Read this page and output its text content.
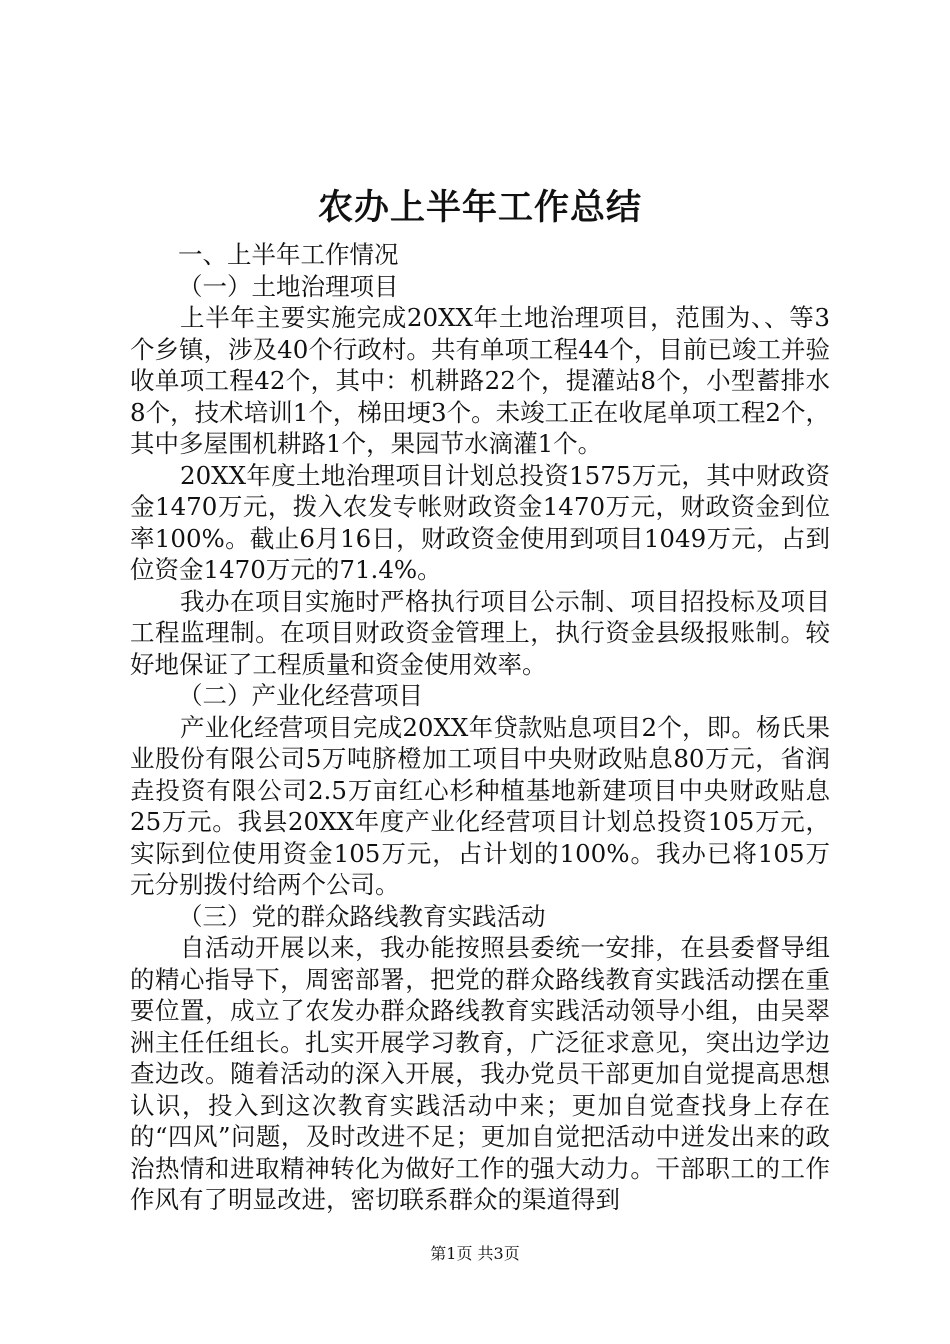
农办上半年工作总结

一、上半年工作情况

（一）土地治理项目

上半年主要实施完成20XX年土地治理项目，范围为、、等3个乡镇，涉及40个行政村。共有单项工程44个，目前已竣工并验收单项工程42个，其中：机耕路22个，提灌站8个，小型蓄排水8个，技术培训1个，梯田埂3个。未竣工正在收尾单项工程2个，其中多屋围机耕路1个，果园节水滴灌1个。

20XX年度土地治理项目计划总投资1575万元，其中财政资金1470万元，拨入农发专帐财政资金1470万元，财政资金到位率100%。截止6月16日，财政资金使用到项目1049万元，占到位资金1470万元的71.4%。

我办在项目实施时严格执行项目公示制、项目招投标及项目工程监理制。在项目财政资金管理上，执行资金县级报账制。较好地保证了工程质量和资金使用效率。

（二）产业化经营项目

产业化经营项目完成20XX年贷款贴息项目2个，即。杨氏果业股份有限公司5万吨脐橙加工项目中央财政贴息80万元，省润垚投资有限公司2.5万亩红心杉种植基地新建项目中央财政贴息25万元。我县20XX年度产业化经营项目计划总投资105万元，实际到位使用资金105万元，占计划的100%。我办已将105万元分别拨付给两个公司。

（三）党的群众路线教育实践活动

自活动开展以来，我办能按照县委统一安排，在县委督导组的精心指导下，周密部署，把党的群众路线教育实践活动摆在重要位置，成立了农发办群众路线教育实践活动领导小组，由吴翠洲主任任组长。扎实开展学习教育，广泛征求意见，突出边学边查边改。随着活动的深入开展，我办党员干部更加自觉提高思想认识，投入到这次教育实践活动中来；更加自觉查找身上存在的“四风”问题，及时改进不足；更加自觉把活动中迸发出来的政治热情和进取精神转化为做好工作的强大动力。干部职工的工作作风有了明显改进，密切联系群众的渠道得到

第1页 共3页
